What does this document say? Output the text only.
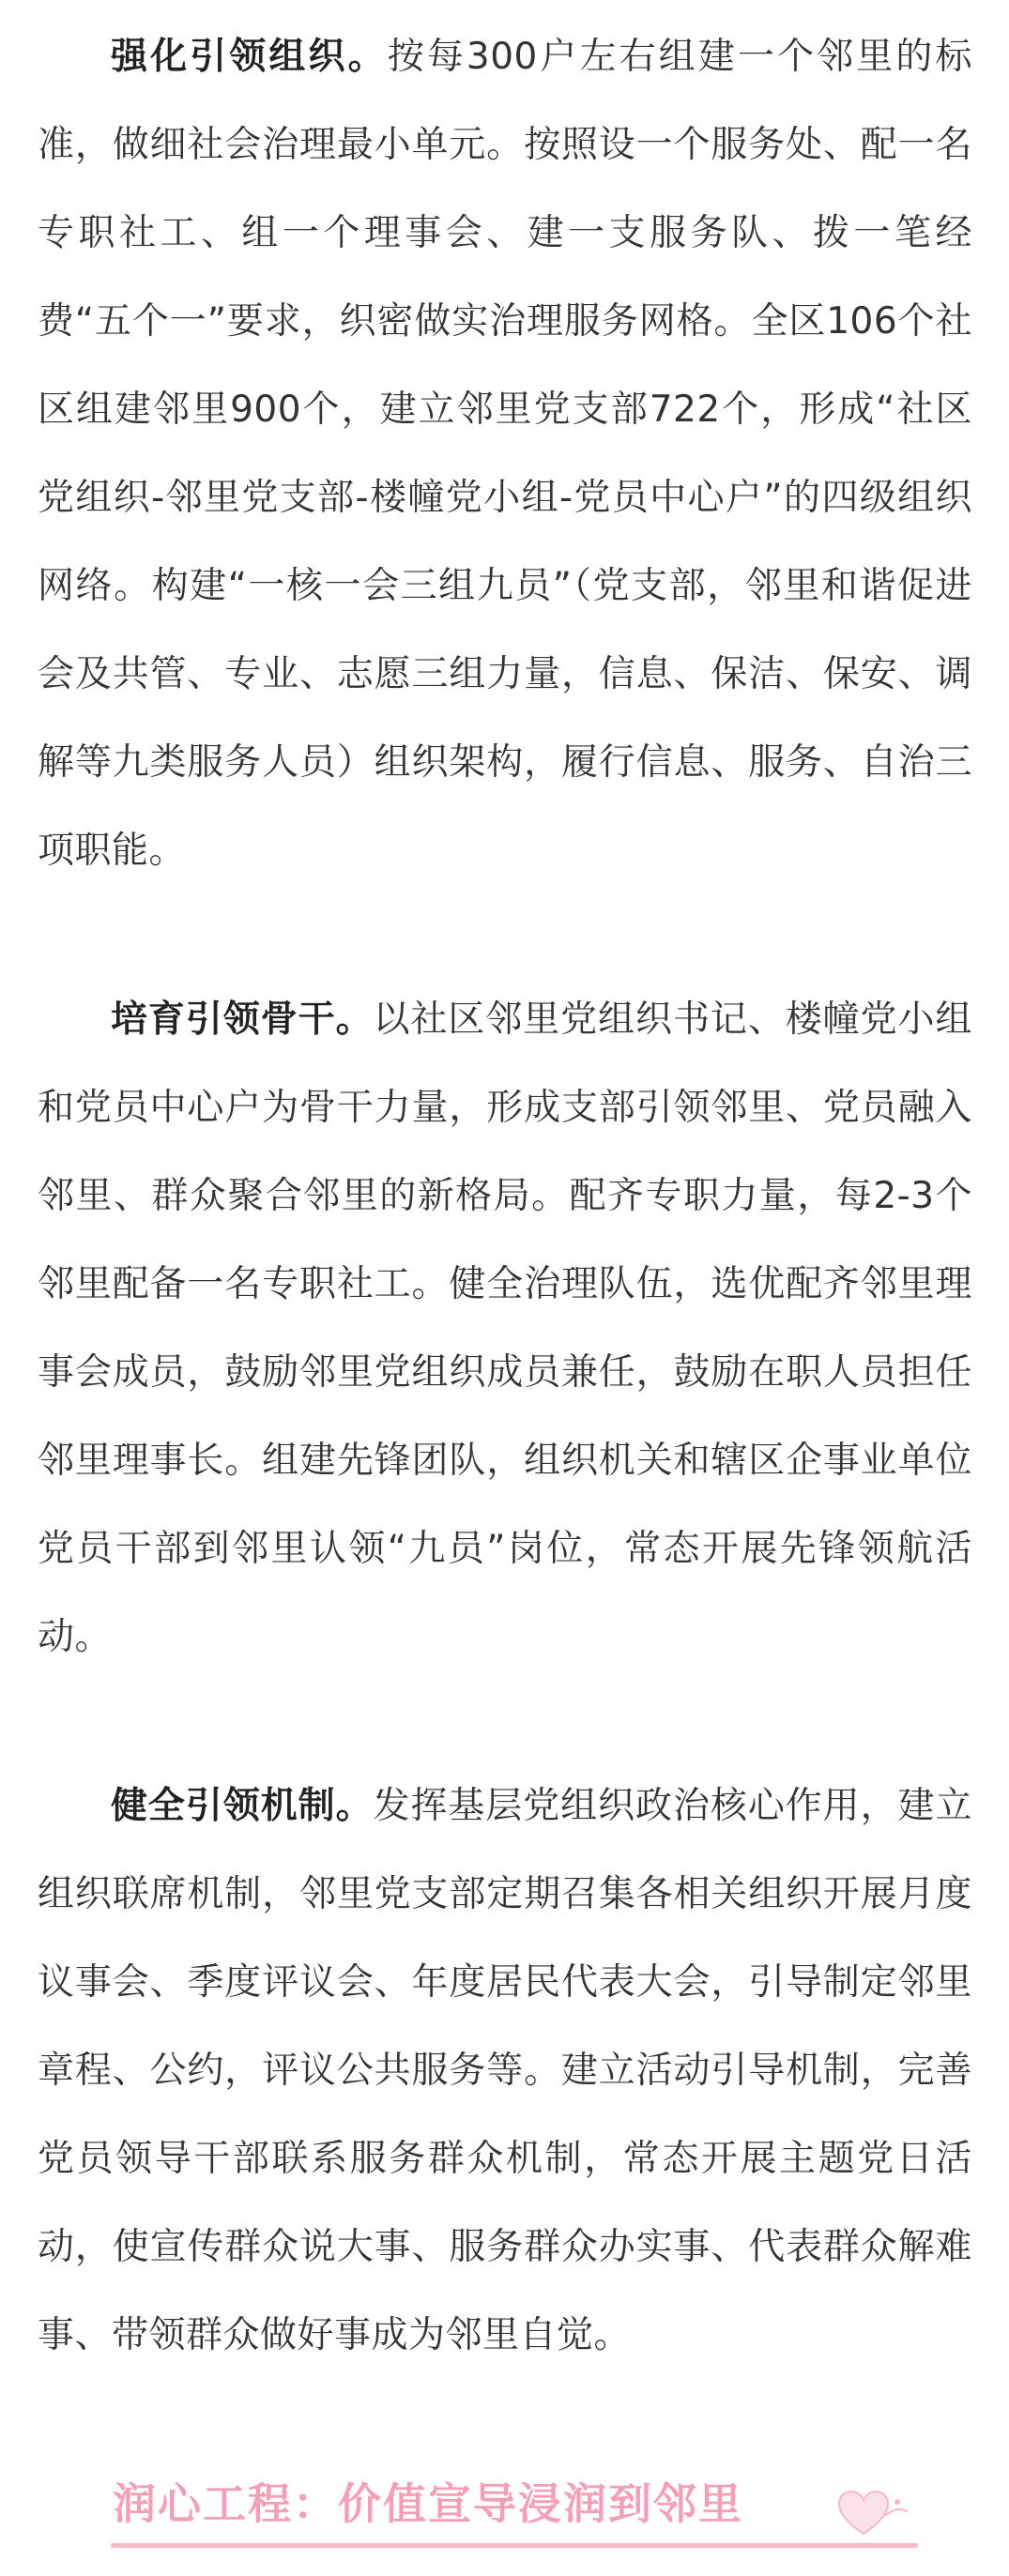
强化引领组织。按每300户左右组建一个邻里的标准，做细社会治理最小单元。按照设一个服务处、配一名专职社工、组一个理事会、建一支服务队、拨一笔经费“五个一”要求，织密做实治理服务网格。全区106个社区组建邻里900个，建立邻里党支部722个，形成“社区党组织-邻里党支部-楼幢党小组-党员中心户”的四级组织网络。构建“一核一会三组九员”（党支部，邻里和谐促进会及共管、专业、志愿三组力量，信息、保洁、保安、调解等九类服务人员）组织架构，履行信息、服务、自治三项职能。

培育引领骨干。以社区邻里党组织书记、楼幢党小组和党员中心户为骨干力量，形成支部引领邻里、党员融入邻里、群众聚合邻里的新格局。配齐专职力量，每2-3个邻里配备一名专职社工。健全治理队伍，选优配齐邻里理事会成员，鼓励邻里党组织成员兼任，鼓励在职人员担任邻里理事长。组建先锋团队，组织机关和辖区企事业单位党员干部到邻里认领“九员”岗位，常态开展先锋领航活动。

健全引领机制。发挥基层党组织政治核心作用，建立组织联席机制，邻里党支部定期召集各相关组织开展月度议事会、季度评议会、年度居民代表大会，引导制定邻里章程、公约，评议公共服务等。建立活动引导机制，完善党员领导干部联系服务群众机制，常态开展主题党日活动，使宣传群众说大事、服务群众办实事、代表群众解难事、带领群众做好事成为邻里自觉。

润心工程：价值宣导浸润到邻里
